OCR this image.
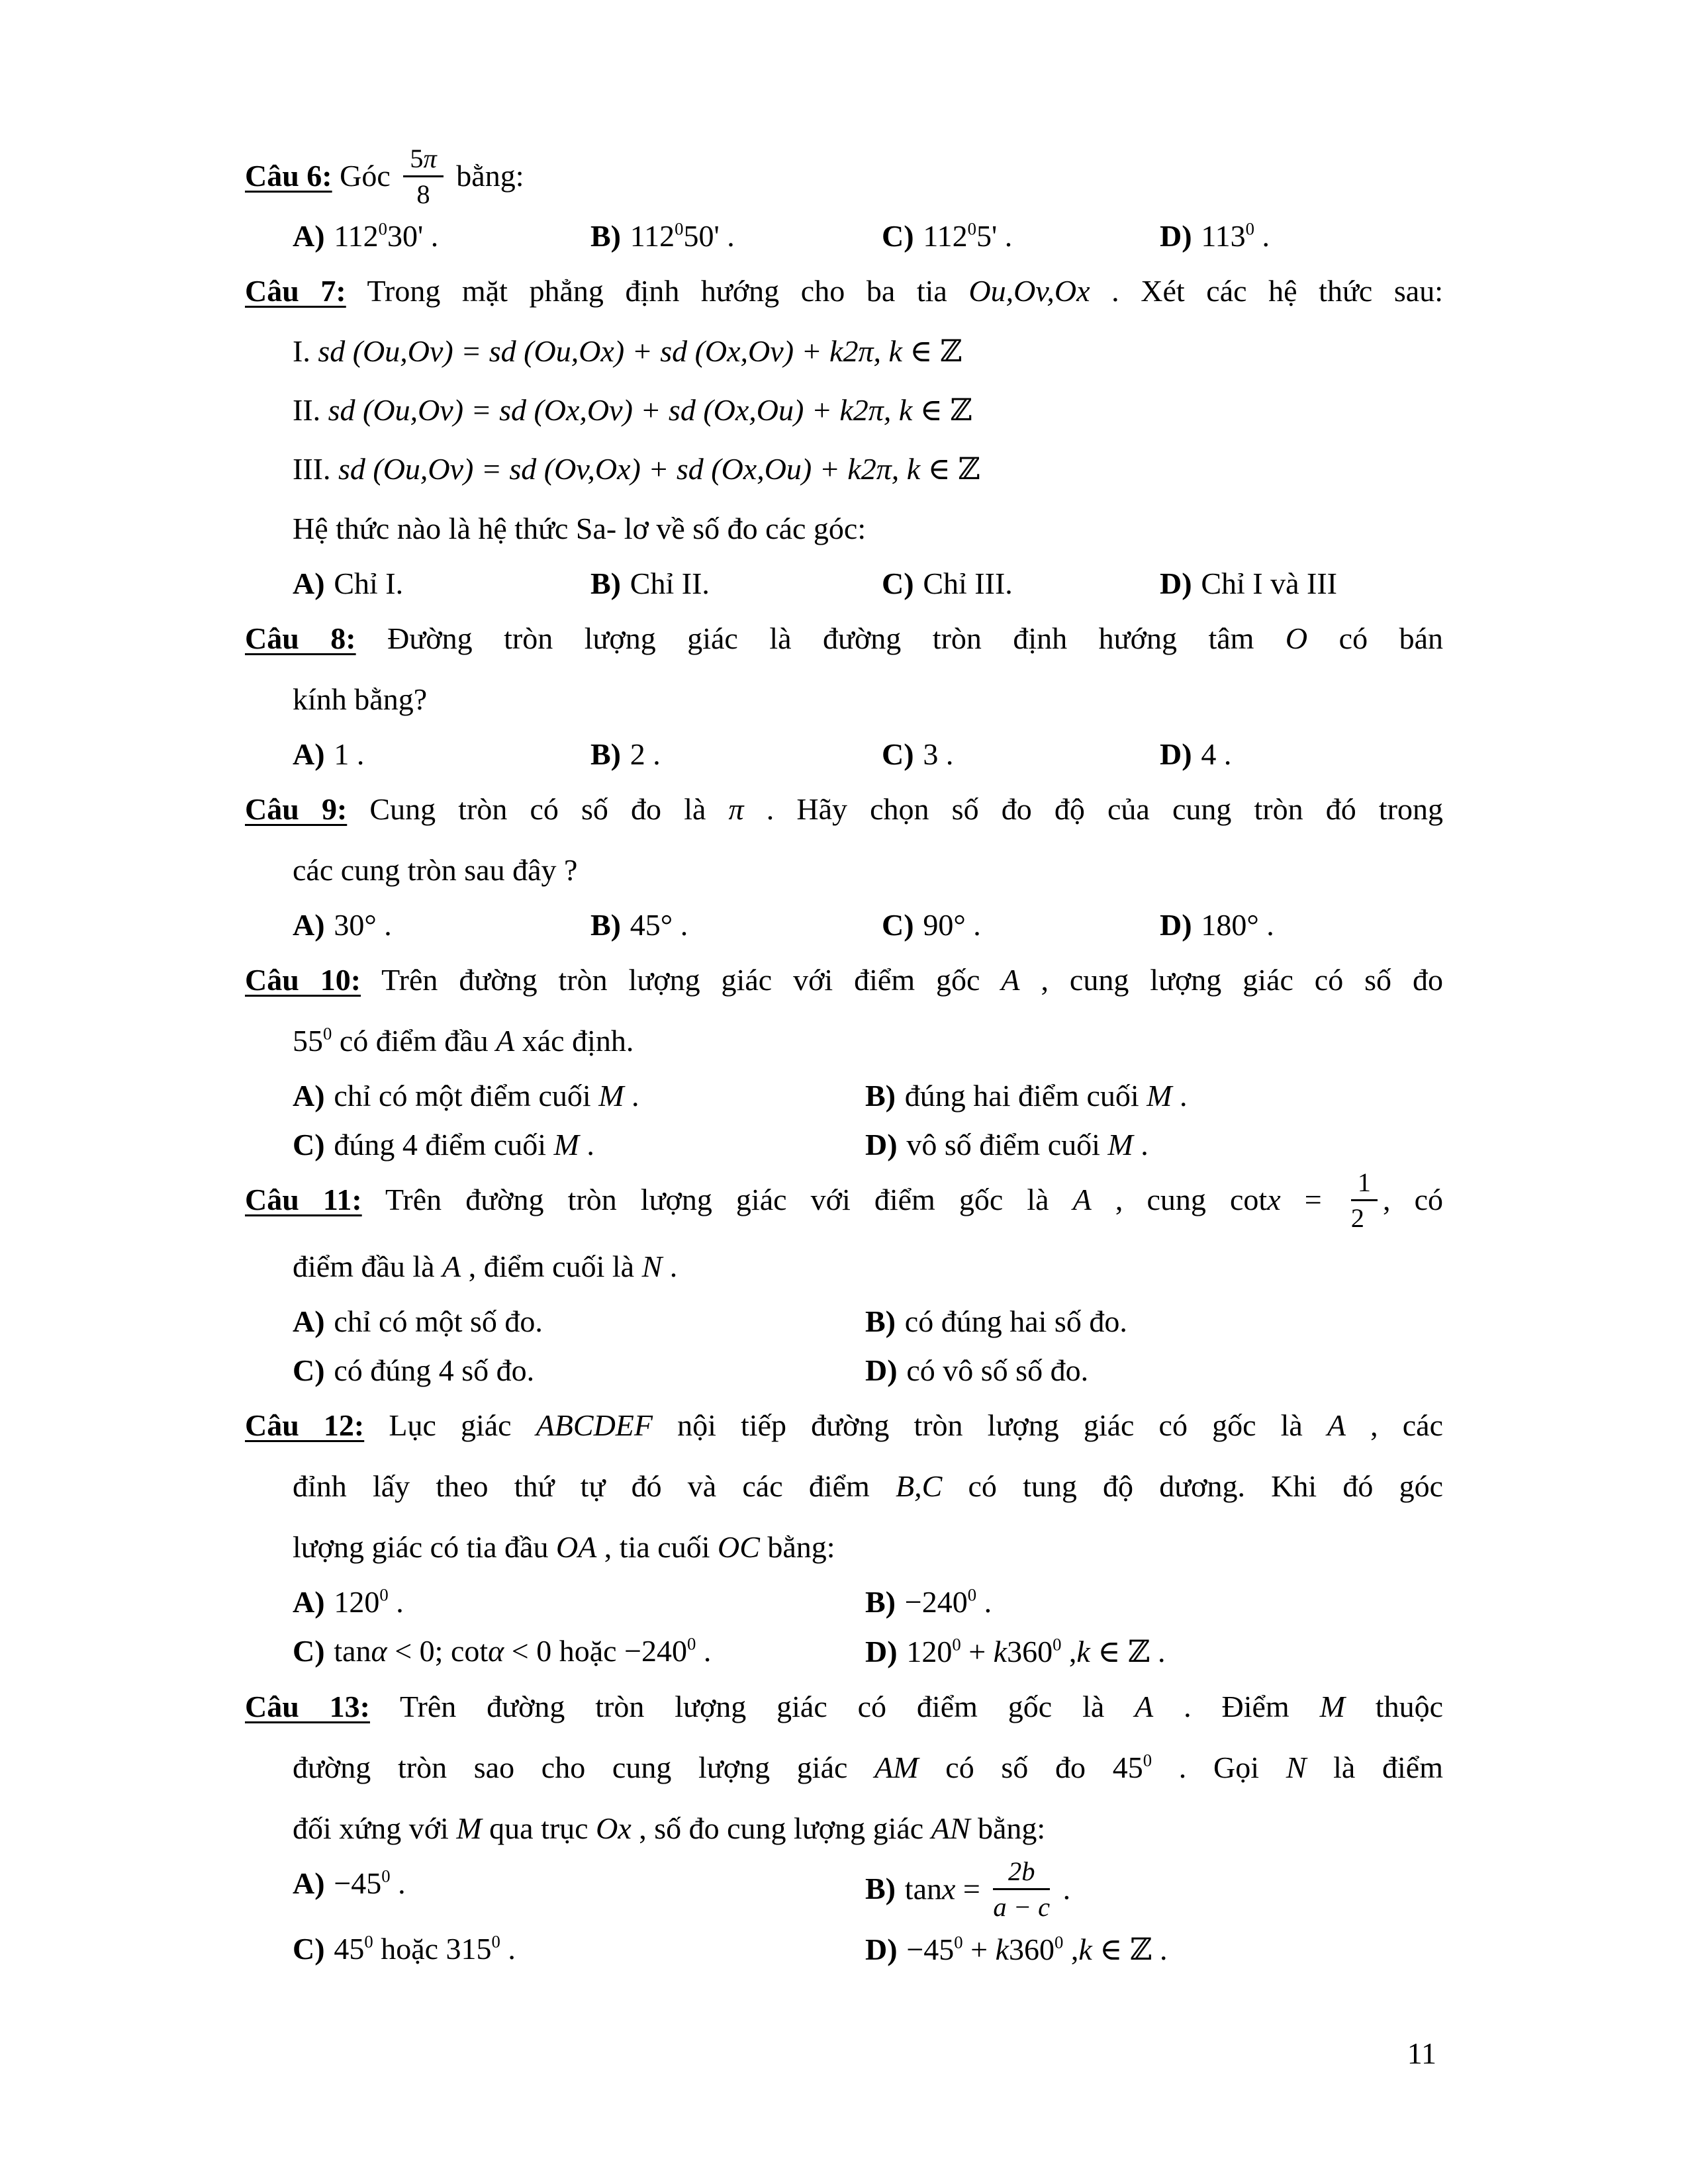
Câu 6: Góc $\frac{5\pi}{8}$ bằng:
A) $112^030'$ .	B) $112^050'$ .	C) $112^05'$ .	D) $113^0$ .
Câu 7: Trong mặt phẳng định hướng cho ba tia Ou,Ov,Ox . Xét các hệ thức sau:
I. sd (Ou,Ov) = sd (Ou,Ox) + sd (Ox,Ov) + k2π, k ∈ ℤ
II. sd (Ou,Ov) = sd (Ox,Ov) + sd (Ox,Ou) + k2π, k ∈ ℤ
III. sd (Ou,Ov) = sd (Ov,Ox) + sd (Ox,Ou) + k2π, k ∈ ℤ
Hệ thức nào là hệ thức Sa- lơ về số đo các góc:
A) Chỉ I.	B) Chỉ II.	C) Chỉ III.	D) Chỉ I và III
Câu 8: Đường tròn lượng giác là đường tròn định hướng tâm O có bán
kính bằng?
A) 1 .	B) 2 .	C) 3 .	D) 4 .
Câu 9: Cung tròn có số đo là π . Hãy chọn số đo độ của cung tròn đó trong
các cung tròn sau đây ?
A) 30° .	B) 45° .	C) 90° .	D) 180° .
Câu 10: Trên đường tròn lượng giác với điểm gốc A , cung lượng giác có số đo
$55^0$ có điểm đầu A xác định.
A) chỉ có một điểm cuối M .	B) đúng hai điểm cuối M .
C) đúng 4 điểm cuối M .	D) vô số điểm cuối M .
Câu 11: Trên đường tròn lượng giác với điểm gốc là A , cung $\cot x = \frac{1}{2}$ , có
điểm đầu là A , điểm cuối là N .
A) chỉ có một số đo.	B) có đúng hai số đo.
C) có đúng 4 số đo.	D) có vô số số đo.
Câu 12: Lục giác ABCDEF nội tiếp đường tròn lượng giác có gốc là A , các
đỉnh lấy theo thứ tự đó và các điểm B,C có tung độ dương. Khi đó góc
lượng giác có tia đầu OA , tia cuối OC bằng:
A) $120^0$ .	$B) -240^0$ .
C) tanα < 0; cotα < 0 hoặc $-240^0$ .	D) $120^0 + k360^0$ ,k ∈ ℤ .
Câu 13: Trên đường tròn lượng giác có điểm gốc là A . Điểm M thuộc
đường tròn sao cho cung lượng giác AM có số đo $45^0$ . Gọi N là điểm
đối xứng với M qua trục Ox , số đo cung lượng giác AN bằng:
$A) -45^0$ .	B) $\tan x = \frac{2b}{a - c}$ .
C) $45^0$ hoặc $315^0$ .	$D) -45^0 + k360^0$ ,k ∈ ℤ .
11
